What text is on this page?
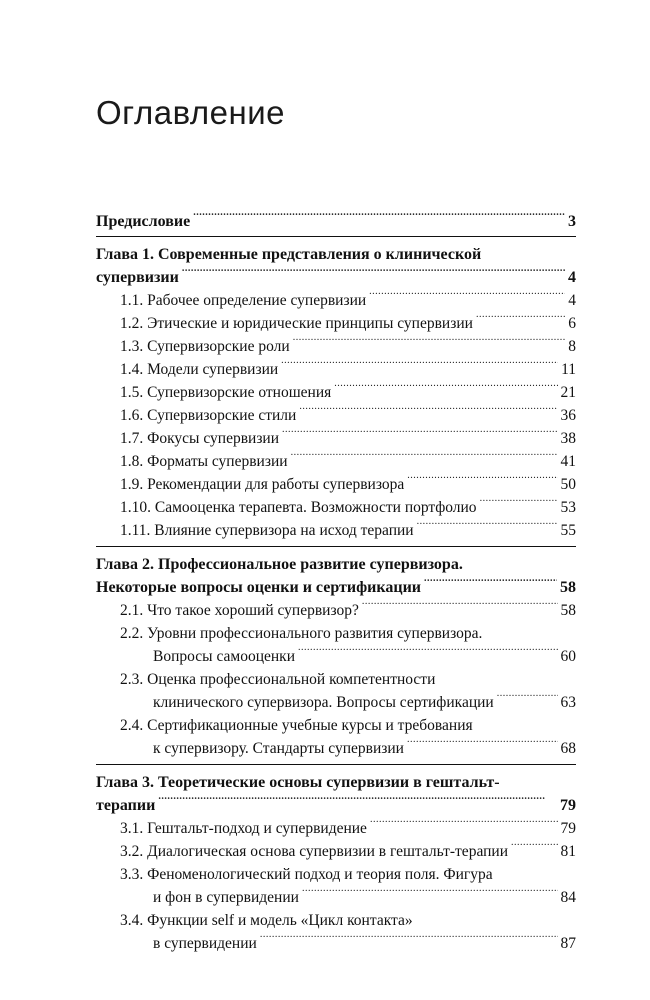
Оглавление
Предисловие . . .	3
Глава 1. Современные представления о клинической
супервизии . . .	4
1.1. Рабочее определение супервизии . . .	4
1.2. Этические и юридические принципы супервизии . . .	6
1.3. Супервизорские роли . . .	8
1.4. Модели супервизии . . .	11
1.5. Супервизорские отношения . . .	21
1.6. Супервизорские стили . . .	36
1.7. Фокусы супервизии . . .	38
1.8. Форматы супервизии . . .	41
1.9. Рекомендации для работы супервизора . . .	50
1.10. Самооценка терапевта. Возможности портфолио . . .	53
1.11. Влияние супервизора на исход терапии . . .	55
Глава 2. Профессиональное развитие супервизора.
Некоторые вопросы оценки и сертификации . . .	58
2.1. Что такое хороший супервизор? . . .	58
2.2. Уровни профессионального развития супервизора.
Вопросы самооценки . . .	60
2.3. Оценка профессиональной компетентности
клинического супервизора. Вопросы сертификации . . .	63
2.4. Сертификационные учебные курсы и требования
к супервизору. Стандарты супервизии . . .	68
Глава 3. Теоретические основы супервизии в гештальт-
терапии . . .	79
3.1. Гештальт-подход и супервидение . . .	79
3.2. Диалогическая основа супервизии в гештальт-терапии . . .	81
3.3. Феноменологический подход и теория поля. Фигура
и фон в супервидении . . .	84
3.4. Функции self и модель «Цикл контакта»
в супервидении . . .	87
